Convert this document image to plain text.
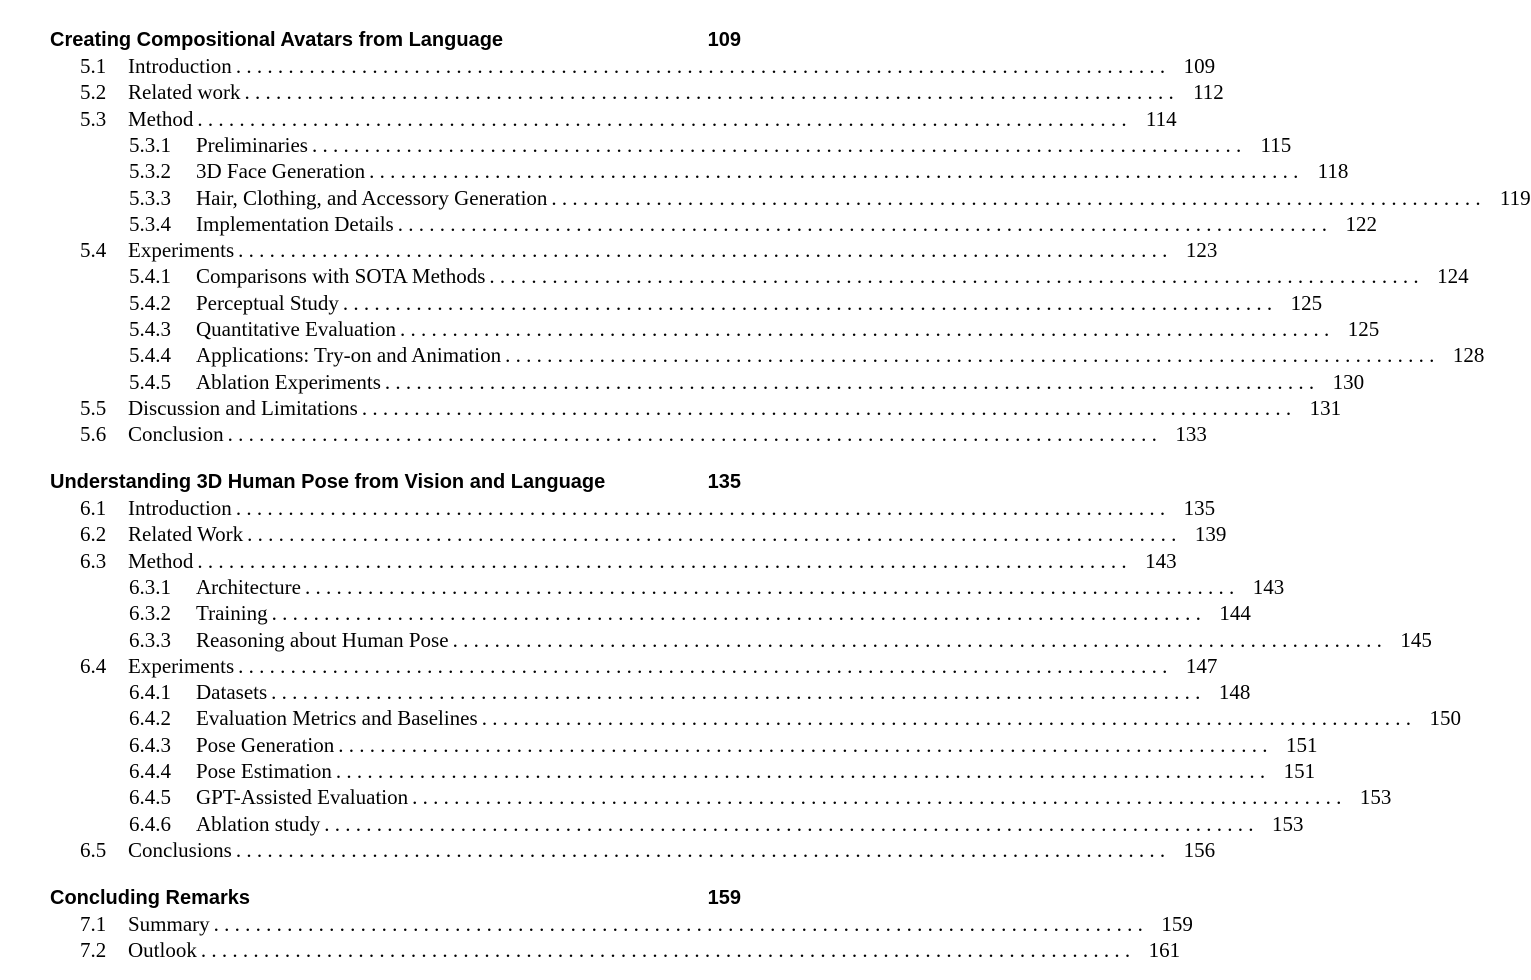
Creating Compositional Avatars from Language	109
5.1	Introduction . . . . . . . . . . . . . . . . . . . . . . . . . . . . . . . . . . . . . . . . . . . . . . . . . . . . . . . . . . . . . . . . . . . . . . . . . . . . . . . . . . . . . . . . . 109
5.2	Related work . . . . . . . . . . . . . . . . . . . . . . . . . . . . . . . . . . . . . . . . . . . . . . . . . . . . . . . . . . . . . . . . . . . . . . . . . . . . . . . . . . . . . . . . . 112
5.3	Method . . . . . . . . . . . . . . . . . . . . . . . . . . . . . . . . . . . . . . . . . . . . . . . . . . . . . . . . . . . . . . . . . . . . . . . . . . . . . . . . . . . . . . . . . 114
5.3.1	Preliminaries . . . . . . . . . . . . . . . . . . . . . . . . . . . . . . . . . . . . . . . . . . . . . . . . . . . . . . . . . . . . . . . . . . . . . . . . . . . . . . . . . . . . . . . . . 115
5.3.2	3D Face Generation . . . . . . . . . . . . . . . . . . . . . . . . . . . . . . . . . . . . . . . . . . . . . . . . . . . . . . . . . . . . . . . . . . . . . . . . . . . . . . . . . . . . . . . . . 118
5.3.3	Hair, Clothing, and Accessory Generation . . . . . . . . . . . . . . . . . . . . . . . . . . . . . . . . . . . . . . . . . . . . . . . . . . . . . . . . . . . . . . . . . . . . . . . . . . . . . . . . . . . . . . . . . 119
5.3.4	Implementation Details . . . . . . . . . . . . . . . . . . . . . . . . . . . . . . . . . . . . . . . . . . . . . . . . . . . . . . . . . . . . . . . . . . . . . . . . . . . . . . . . . . . . . . . . . 122
5.4	Experiments . . . . . . . . . . . . . . . . . . . . . . . . . . . . . . . . . . . . . . . . . . . . . . . . . . . . . . . . . . . . . . . . . . . . . . . . . . . . . . . . . . . . . . . . . 123
5.4.1	Comparisons with SOTA Methods . . . . . . . . . . . . . . . . . . . . . . . . . . . . . . . . . . . . . . . . . . . . . . . . . . . . . . . . . . . . . . . . . . . . . . . . . . . . . . . . . . . . . . . . . 124
5.4.2	Perceptual Study . . . . . . . . . . . . . . . . . . . . . . . . . . . . . . . . . . . . . . . . . . . . . . . . . . . . . . . . . . . . . . . . . . . . . . . . . . . . . . . . . . . . . . . . . 125
5.4.3	Quantitative Evaluation . . . . . . . . . . . . . . . . . . . . . . . . . . . . . . . . . . . . . . . . . . . . . . . . . . . . . . . . . . . . . . . . . . . . . . . . . . . . . . . . . . . . . . . . . 125
5.4.4	Applications: Try-on and Animation . . . . . . . . . . . . . . . . . . . . . . . . . . . . . . . . . . . . . . . . . . . . . . . . . . . . . . . . . . . . . . . . . . . . . . . . . . . . . . . . . . . . . . . . . 128
5.4.5	Ablation Experiments . . . . . . . . . . . . . . . . . . . . . . . . . . . . . . . . . . . . . . . . . . . . . . . . . . . . . . . . . . . . . . . . . . . . . . . . . . . . . . . . . . . . . . . . . 130
5.5	Discussion and Limitations . . . . . . . . . . . . . . . . . . . . . . . . . . . . . . . . . . . . . . . . . . . . . . . . . . . . . . . . . . . . . . . . . . . . . . . . . . . . . . . . . . . . . . . . . 131
5.6	Conclusion . . . . . . . . . . . . . . . . . . . . . . . . . . . . . . . . . . . . . . . . . . . . . . . . . . . . . . . . . . . . . . . . . . . . . . . . . . . . . . . . . . . . . . . . . 133
Understanding 3D Human Pose from Vision and Language	135
6.1	Introduction . . . . . . . . . . . . . . . . . . . . . . . . . . . . . . . . . . . . . . . . . . . . . . . . . . . . . . . . . . . . . . . . . . . . . . . . . . . . . . . . . . . . . . . . . 135
6.2	Related Work . . . . . . . . . . . . . . . . . . . . . . . . . . . . . . . . . . . . . . . . . . . . . . . . . . . . . . . . . . . . . . . . . . . . . . . . . . . . . . . . . . . . . . . . . 139
6.3	Method . . . . . . . . . . . . . . . . . . . . . . . . . . . . . . . . . . . . . . . . . . . . . . . . . . . . . . . . . . . . . . . . . . . . . . . . . . . . . . . . . . . . . . . . . 143
6.3.1	Architecture . . . . . . . . . . . . . . . . . . . . . . . . . . . . . . . . . . . . . . . . . . . . . . . . . . . . . . . . . . . . . . . . . . . . . . . . . . . . . . . . . . . . . . . . . 143
6.3.2	Training . . . . . . . . . . . . . . . . . . . . . . . . . . . . . . . . . . . . . . . . . . . . . . . . . . . . . . . . . . . . . . . . . . . . . . . . . . . . . . . . . . . . . . . . . 144
6.3.3	Reasoning about Human Pose . . . . . . . . . . . . . . . . . . . . . . . . . . . . . . . . . . . . . . . . . . . . . . . . . . . . . . . . . . . . . . . . . . . . . . . . . . . . . . . . . . . . . . . . . 145
6.4	Experiments . . . . . . . . . . . . . . . . . . . . . . . . . . . . . . . . . . . . . . . . . . . . . . . . . . . . . . . . . . . . . . . . . . . . . . . . . . . . . . . . . . . . . . . . . 147
6.4.1	Datasets . . . . . . . . . . . . . . . . . . . . . . . . . . . . . . . . . . . . . . . . . . . . . . . . . . . . . . . . . . . . . . . . . . . . . . . . . . . . . . . . . . . . . . . . . 148
6.4.2	Evaluation Metrics and Baselines . . . . . . . . . . . . . . . . . . . . . . . . . . . . . . . . . . . . . . . . . . . . . . . . . . . . . . . . . . . . . . . . . . . . . . . . . . . . . . . . . . . . . . . . . 150
6.4.3	Pose Generation . . . . . . . . . . . . . . . . . . . . . . . . . . . . . . . . . . . . . . . . . . . . . . . . . . . . . . . . . . . . . . . . . . . . . . . . . . . . . . . . . . . . . . . . . 151
6.4.4	Pose Estimation . . . . . . . . . . . . . . . . . . . . . . . . . . . . . . . . . . . . . . . . . . . . . . . . . . . . . . . . . . . . . . . . . . . . . . . . . . . . . . . . . . . . . . . . . 151
6.4.5	GPT-Assisted Evaluation . . . . . . . . . . . . . . . . . . . . . . . . . . . . . . . . . . . . . . . . . . . . . . . . . . . . . . . . . . . . . . . . . . . . . . . . . . . . . . . . . . . . . . . . . 153
6.4.6	Ablation study . . . . . . . . . . . . . . . . . . . . . . . . . . . . . . . . . . . . . . . . . . . . . . . . . . . . . . . . . . . . . . . . . . . . . . . . . . . . . . . . . . . . . . . . . 153
6.5	Conclusions . . . . . . . . . . . . . . . . . . . . . . . . . . . . . . . . . . . . . . . . . . . . . . . . . . . . . . . . . . . . . . . . . . . . . . . . . . . . . . . . . . . . . . . . . 156
Concluding Remarks	159
7.1	Summary . . . . . . . . . . . . . . . . . . . . . . . . . . . . . . . . . . . . . . . . . . . . . . . . . . . . . . . . . . . . . . . . . . . . . . . . . . . . . . . . . . . . . . . . . 159
7.2	Outlook . . . . . . . . . . . . . . . . . . . . . . . . . . . . . . . . . . . . . . . . . . . . . . . . . . . . . . . . . . . . . . . . . . . . . . . . . . . . . . . . . . . . . . . . . 161
